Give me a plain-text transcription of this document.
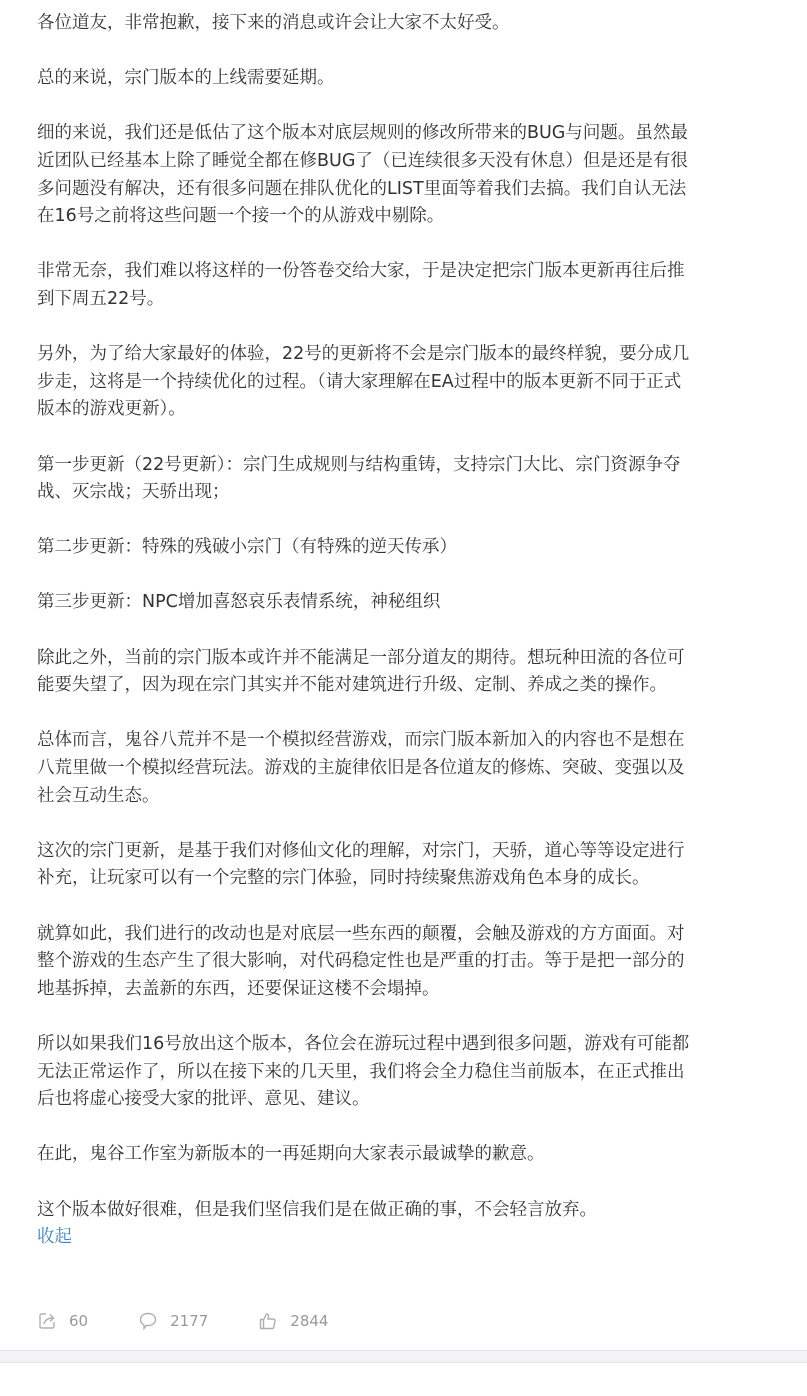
各位道友，非常抱歉，接下来的消息或许会让大家不太好受。

总的来说，宗门版本的上线需要延期。

细的来说，我们还是低估了这个版本对底层规则的修改所带来的BUG与问题。虽然最近团队已经基本上除了睡觉全都在修BUG了（已连续很多天没有休息）但是还是有很多问题没有解决，还有很多问题在排队优化的LIST里面等着我们去搞。我们自认无法在16号之前将这些问题一个接一个的从游戏中剔除。

非常无奈，我们难以将这样的一份答卷交给大家，于是决定把宗门版本更新再往后推到下周五22号。

另外，为了给大家最好的体验，22号的更新将不会是宗门版本的最终样貌，要分成几步走，这将是一个持续优化的过程。（请大家理解在EA过程中的版本更新不同于正式版本的游戏更新）。

第一步更新（22号更新）：宗门生成规则与结构重铸，支持宗门大比、宗门资源争夺战、灭宗战；天骄出现；

第二步更新：特殊的残破小宗门（有特殊的逆天传承）

第三步更新：NPC增加喜怒哀乐表情系统，神秘组织

除此之外，当前的宗门版本或许并不能满足一部分道友的期待。想玩种田流的各位可能要失望了，因为现在宗门其实并不能对建筑进行升级、定制、养成之类的操作。

总体而言，鬼谷八荒并不是一个模拟经营游戏，而宗门版本新加入的内容也不是想在八荒里做一个模拟经营玩法。游戏的主旋律依旧是各位道友的修炼、突破、变强以及社会互动生态。

这次的宗门更新，是基于我们对修仙文化的理解，对宗门，天骄，道心等等设定进行补充，让玩家可以有一个完整的宗门体验，同时持续聚焦游戏角色本身的成长。

就算如此，我们进行的改动也是对底层一些东西的颠覆，会触及游戏的方方面面。对整个游戏的生态产生了很大影响，对代码稳定性也是严重的打击。等于是把一部分的地基拆掉，去盖新的东西，还要保证这楼不会塌掉。

所以如果我们16号放出这个版本，各位会在游玩过程中遇到很多问题，游戏有可能都无法正常运作了，所以在接下来的几天里，我们将会全力稳住当前版本，在正式推出后也将虚心接受大家的批评、意见、建议。

在此，鬼谷工作室为新版本的一再延期向大家表示最诚挚的歉意。

这个版本做好很难，但是我们坚信我们是在做正确的事，不会轻言放弃。

收起
60	2177	2844
